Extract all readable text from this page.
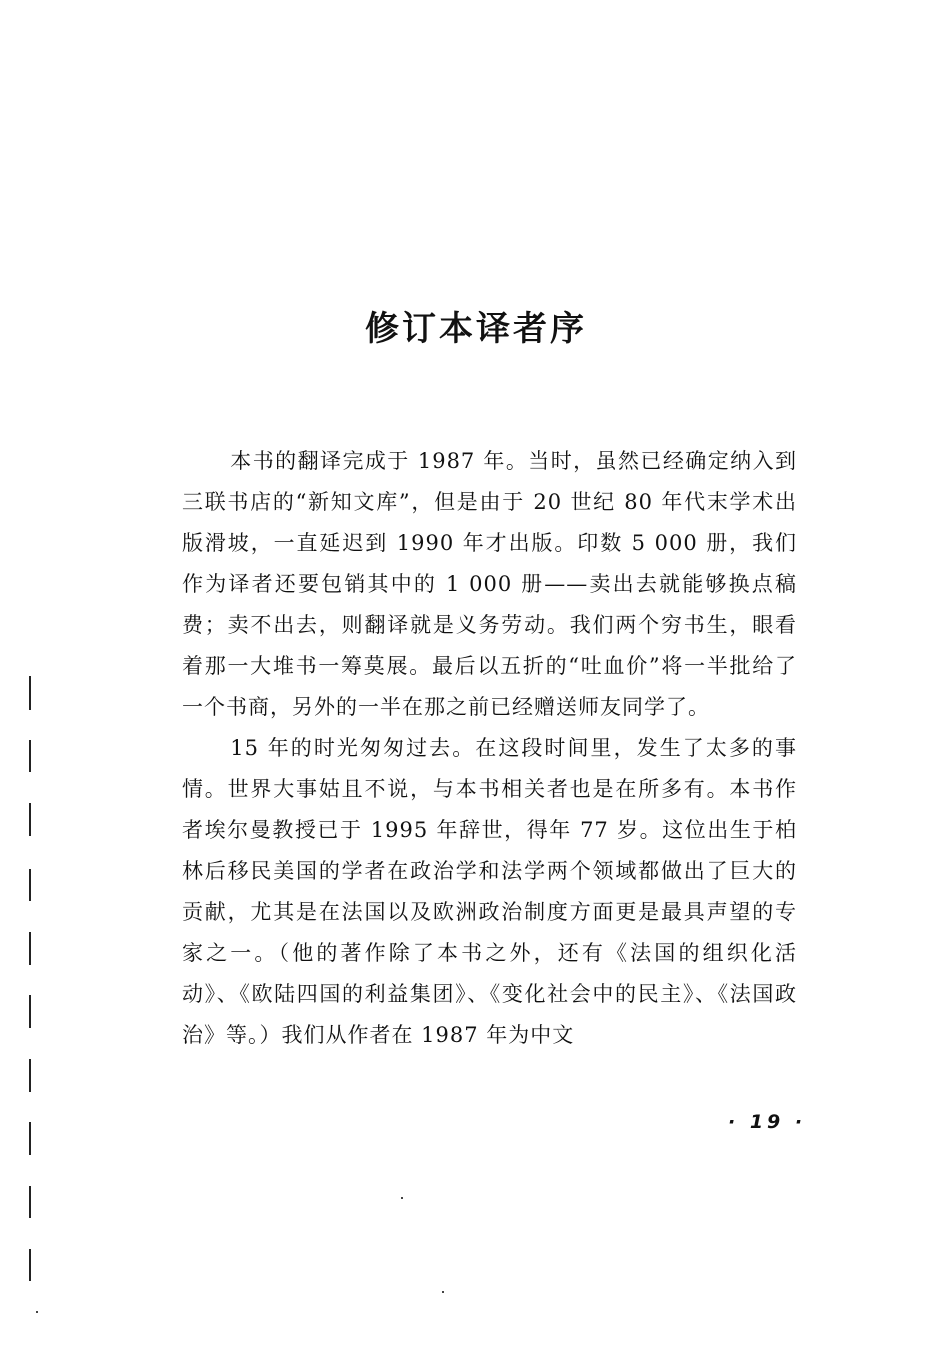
修订本译者序

本书的翻译完成于 1987 年。当时，虽然已经确定纳入到三联书店的“新知文库”，但是由于 20 世纪 80 年代末学术出版滑坡，一直延迟到 1990 年才出版。印数 5 000 册，我们作为译者还要包销其中的 1 000 册——卖出去就能够换点稿费；卖不出去，则翻译就是义务劳动。我们两个穷书生，眼看着那一大堆书一筹莫展。最后以五折的“吐血价”将一半批给了一个书商，另外的一半在那之前已经赠送师友同学了。

15 年的时光匆匆过去。在这段时间里，发生了太多的事情。世界大事姑且不说，与本书相关者也是在所多有。本书作者埃尔曼教授已于 1995 年辞世，得年 77 岁。这位出生于柏林后移民美国的学者在政治学和法学两个领域都做出了巨大的贡献，尤其是在法国以及欧洲政治制度方面更是最具声望的专家之一。（他的著作除了本书之外，还有《法国的组织化活动》、《欧陆四国的利益集团》、《变化社会中的民主》、《法国政治》等。）我们从作者在 1987 年为中文

· 19 ·
